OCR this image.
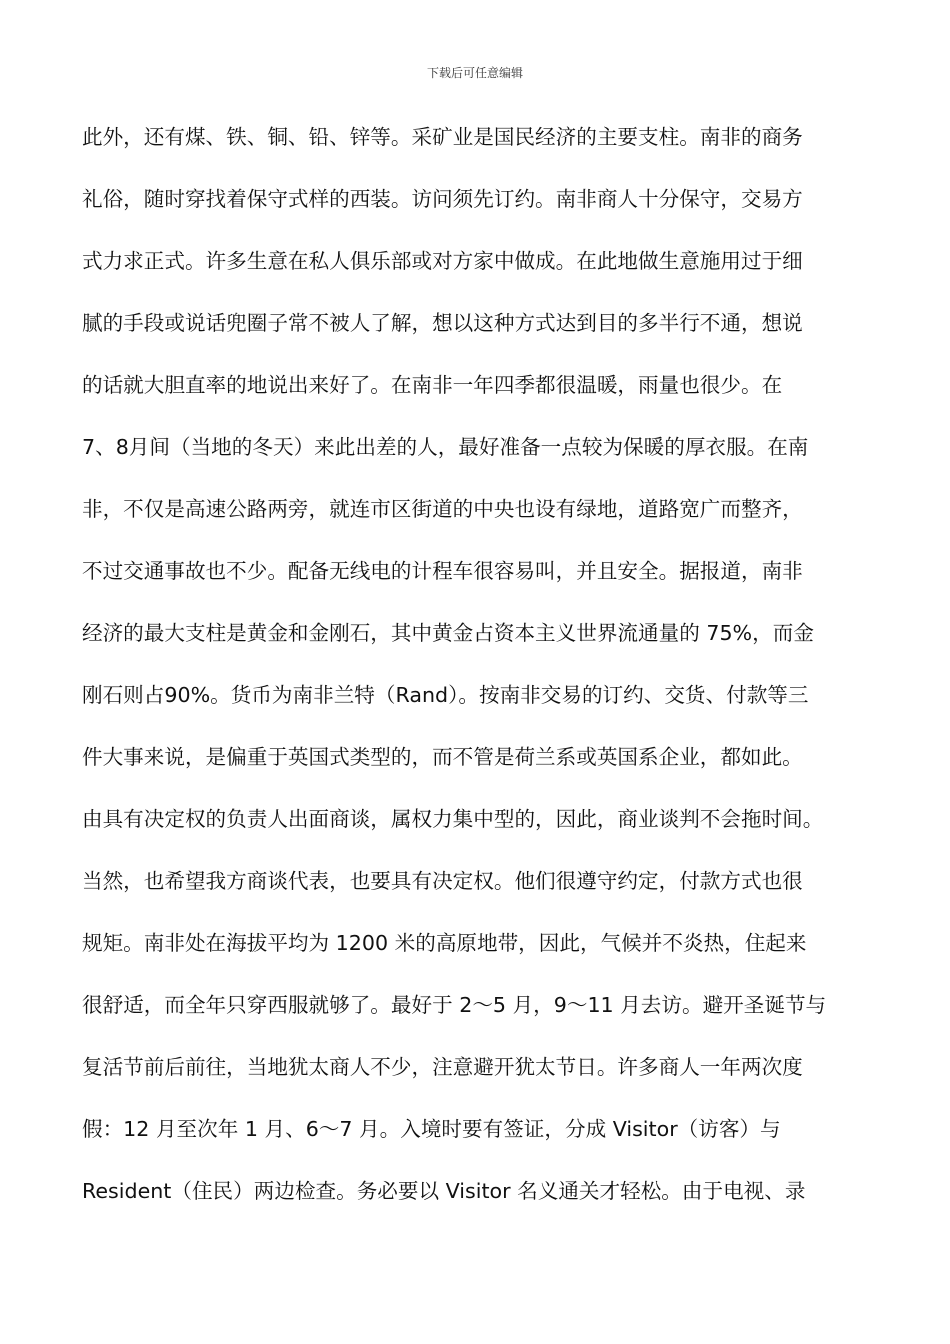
下载后可任意编辑
此外，还有煤、铁、铜、铅、锌等。采矿业是国民经济的主要支柱。南非的商务
礼俗，随时穿找着保守式样的西装。访问须先订约。南非商人十分保守，交易方
式力求正式。许多生意在私人俱乐部或对方家中做成。在此地做生意施用过于细
腻的手段或说话兜圈子常不被人了解，想以这种方式达到目的多半行不通，想说
的话就大胆直率的地说出来好了。在南非一年四季都很温暖，雨量也很少。在
7、8月间（当地的冬天）来此出差的人，最好准备一点较为保暖的厚衣服。在南
非，不仅是高速公路两旁，就连市区街道的中央也设有绿地，道路宽广而整齐，
不过交通事故也不少。配备无线电的计程车很容易叫，并且安全。据报道，南非
经济的最大支柱是黄金和金刚石，其中黄金占资本主义世界流通量的 75%，而金
刚石则占90%。货币为南非兰特（Rand）。按南非交易的订约、交货、付款等三
件大事来说，是偏重于英国式类型的，而不管是荷兰系或英国系企业，都如此。
由具有决定权的负责人出面商谈，属权力集中型的，因此，商业谈判不会拖时间。
当然，也希望我方商谈代表，也要具有决定权。他们很遵守约定，付款方式也很
规矩。南非处在海拔平均为 1200 米的高原地带，因此，气候并不炎热，住起来
很舒适，而全年只穿西服就够了。最好于 2～5 月，9～11 月去访。避开圣诞节与
复活节前后前往，当地犹太商人不少，注意避开犹太节日。许多商人一年两次度
假：12 月至次年 1 月、6～7 月。入境时要有签证，分成 Visitor（访客）与
Resident（住民）两边检查。务必要以 Visitor 名义通关才轻松。由于电视、录
